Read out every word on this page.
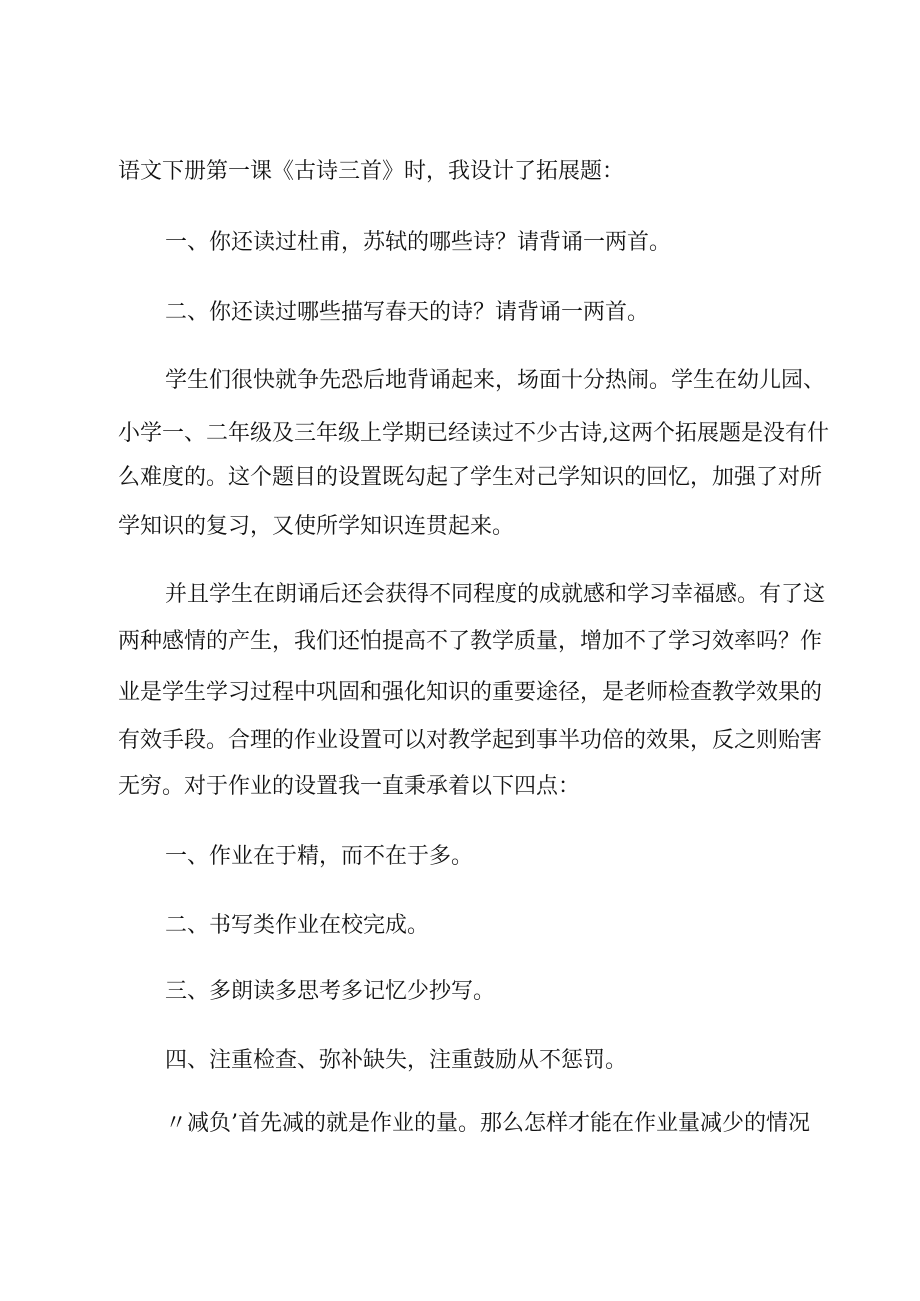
语文下册第一课《古诗三首》时，我设计了拓展题：
一、你还读过杜甫，苏轼的哪些诗？请背诵一两首。
二、你还读过哪些描写春天的诗？请背诵一两首。
学生们很快就争先恐后地背诵起来，场面十分热闹。学生在幼儿园、
小学一、二年级及三年级上学期已经读过不少古诗,这两个拓展题是没有什
么难度的。这个题目的设置既勾起了学生对己学知识的回忆，加强了对所
学知识的复习，又使所学知识连贯起来。
并且学生在朗诵后还会获得不同程度的成就感和学习幸福感。有了这
两种感情的产生，我们还怕提高不了教学质量，增加不了学习效率吗？作
业是学生学习过程中巩固和强化知识的重要途径，是老师检查教学效果的
有效手段。合理的作业设置可以对教学起到事半功倍的效果，反之则贻害
无穷。对于作业的设置我一直秉承着以下四点：
一、作业在于精，而不在于多。
二、书写类作业在校完成。
三、多朗读多思考多记忆少抄写。
四、注重检查、弥补缺失，注重鼓励从不惩罚。
〃减负’首先减的就是作业的量。那么怎样才能在作业量减少的情况
